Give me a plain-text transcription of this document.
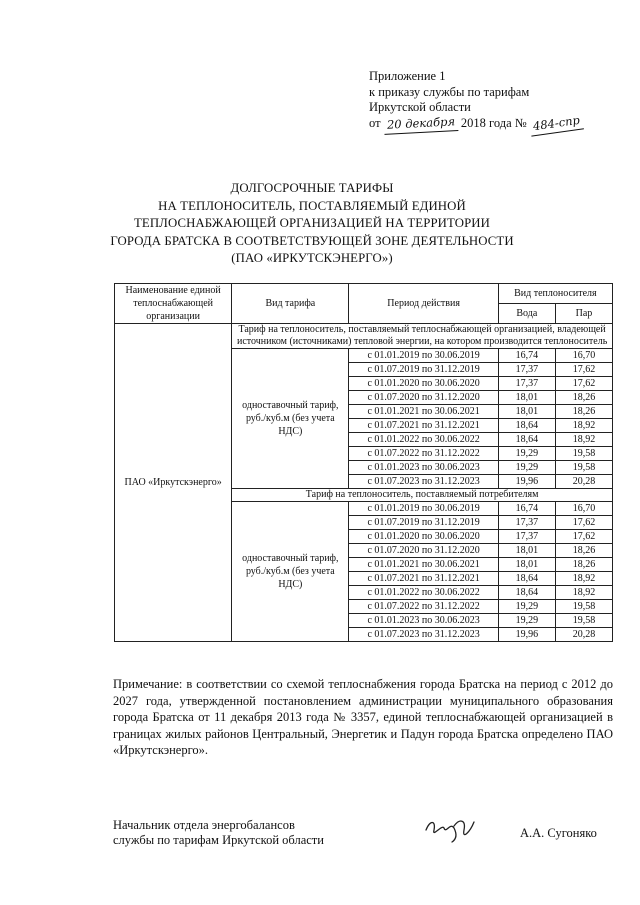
Приложение 1
к приказу службы по тарифам
Иркутской области
от 20 декабря 2018 года № 484-спр
ДОЛГОСРОЧНЫЕ ТАРИФЫ
НА ТЕПЛОНОСИТЕЛЬ, ПОСТАВЛЯЕМЫЙ ЕДИНОЙ
ТЕПЛОСНАБЖАЮЩЕЙ ОРГАНИЗАЦИЕЙ НА ТЕРРИТОРИИ
ГОРОДА БРАТСКА В СООТВЕТСТВУЮЩЕЙ ЗОНЕ ДЕЯТЕЛЬНОСТИ
(ПАО «ИРКУТСКЭНЕРГО»)
Наименование единой теплоснабжающей организации	Вид тарифа	Период действия	Вид теплоносителя	
			Вода	Пар
ПАО «Иркутскэнерго»	Тариф на теплоноситель, поставляемый теплоснабжающей организацией, владеющей источником (источниками) тепловой энергии, на котором производится теплоноситель			
	одноставочный тариф, руб./куб.м (без учета НДС)	с 01.01.2019 по 30.06.2019	16,74	16,70
		с 01.07.2019 по 31.12.2019	17,37	17,62
		с 01.01.2020 по 30.06.2020	17,37	17,62
		с 01.07.2020 по 31.12.2020	18,01	18,26
		с 01.01.2021 по 30.06.2021	18,01	18,26
		с 01.07.2021 по 31.12.2021	18,64	18,92
		с 01.01.2022 по 30.06.2022	18,64	18,92
		с 01.07.2022 по 31.12.2022	19,29	19,58
		с 01.01.2023 по 30.06.2023	19,29	19,58
		с 01.07.2023 по 31.12.2023	19,96	20,28
	Тариф на теплоноситель, поставляемый потребителям			
	одноставочный тариф, руб./куб.м (без учета НДС)	с 01.01.2019 по 30.06.2019	16,74	16,70
		с 01.07.2019 по 31.12.2019	17,37	17,62
		с 01.01.2020 по 30.06.2020	17,37	17,62
		с 01.07.2020 по 31.12.2020	18,01	18,26
		с 01.01.2021 по 30.06.2021	18,01	18,26
		с 01.07.2021 по 31.12.2021	18,64	18,92
		с 01.01.2022 по 30.06.2022	18,64	18,92
		с 01.07.2022 по 31.12.2022	19,29	19,58
		с 01.01.2023 по 30.06.2023	19,29	19,58
		с 01.07.2023 по 31.12.2023	19,96	20,28
Примечание: в соответствии со схемой теплоснабжения города Братска на период с 2012 до 2027 года, утвержденной постановлением администрации муниципального образования города Братска от 11 декабря 2013 года № 3357, единой теплоснабжающей организацией в границах жилых районов Центральный, Энергетик и Падун города Братска определено ПАО «Иркутскэнерго».
Начальник отдела энергобалансов
службы по тарифам Иркутской области	А.А. Сугоняко
